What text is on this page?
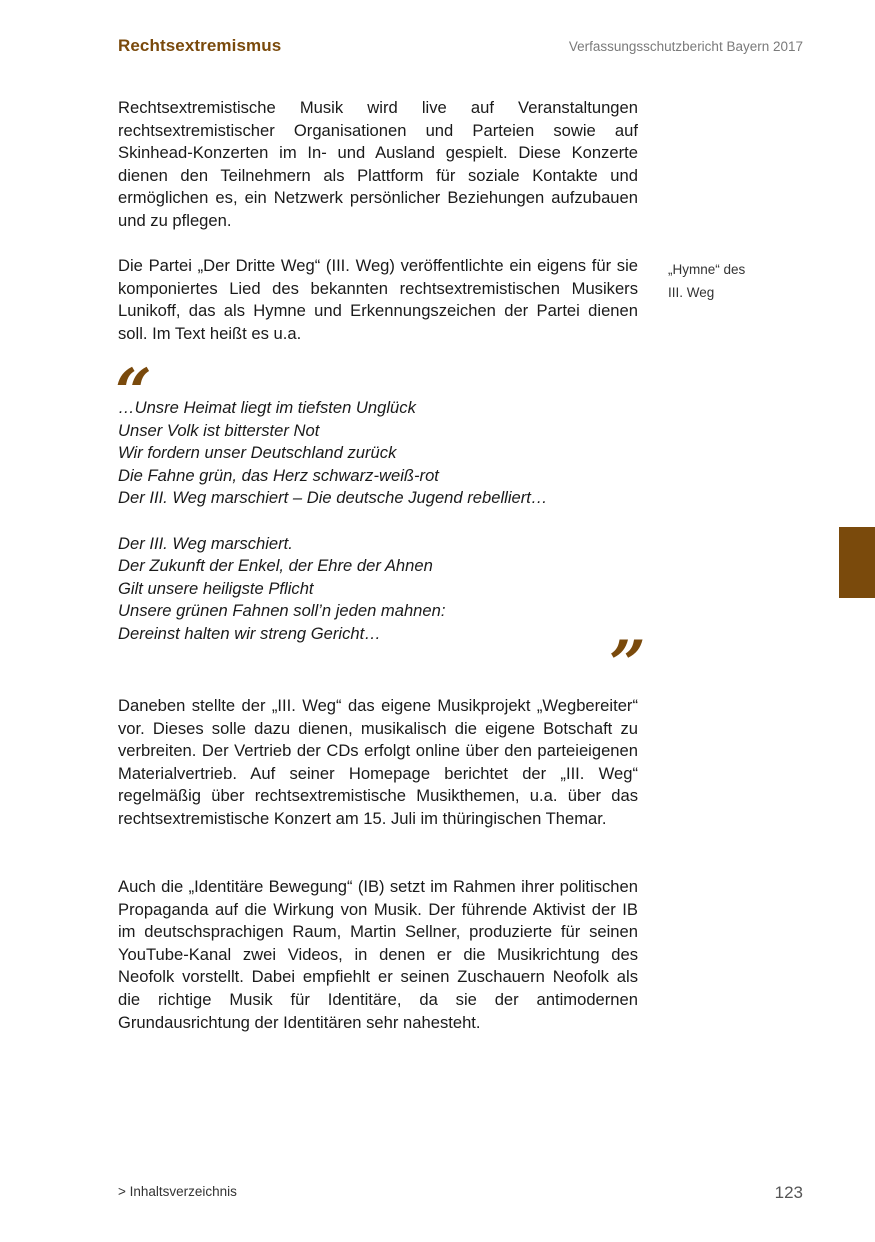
Rechtsextremismus	Verfassungsschutzbericht Bayern 2017

Rechtsextremistische Musik wird live auf Veranstaltungen rechtsextremistischer Organisationen und Parteien sowie auf Skinhead-Konzerten im In- und Ausland gespielt. Diese Konzerte dienen den Teilnehmern als Plattform für soziale Kontakte und ermöglichen es, ein Netzwerk persönlicher Beziehungen aufzubauen und zu pflegen.

Die Partei „Der Dritte Weg“ (III. Weg) veröffentlichte ein eigens für sie komponiertes Lied des bekannten rechtsextremistischen Musikers Lunikoff, das als Hymne und Erkennungszeichen der Partei dienen soll. Im Text heißt es u.a.

„Hymne“ des
III. Weg
“
…Unsre Heimat liegt im tiefsten Unglück
Unser Volk ist bitterster Not
Wir fordern unser Deutschland zurück
Die Fahne grün, das Herz schwarz-weiß-rot
Der III. Weg marschiert – Die deutsche Jugend rebelliert…
Der III. Weg marschiert.
Der Zukunft der Enkel, der Ehre der Ahnen
Gilt unsere heiligste Pflicht
Unsere grünen Fahnen soll’n jeden mahnen:
Dereinst halten wir streng Gericht…	”

Daneben stellte der „III. Weg“ das eigene Musikprojekt „Wegbereiter“ vor. Dieses solle dazu dienen, musikalisch die eigene Botschaft zu verbreiten. Der Vertrieb der CDs erfolgt online über den parteieigenen Materialvertrieb. Auf seiner Homepage berichtet der „III. Weg“ regelmäßig über rechtsextremistische Musikthemen, u.a. über das rechtsextremistische Konzert am 15. Juli im thüringischen Themar.

Auch die „Identitäre Bewegung“ (IB) setzt im Rahmen ihrer politischen Propaganda auf die Wirkung von Musik. Der führende Aktivist der IB im deutschsprachigen Raum, Martin Sellner, produzierte für seinen YouTube-Kanal zwei Videos, in denen er die Musikrichtung des Neofolk vorstellt. Dabei empfiehlt er seinen Zuschauern Neofolk als die richtige Musik für Identitäre, da sie der antimodernen Grundausrichtung der Identitären sehr nahesteht.

> Inhaltsverzeichnis	123
